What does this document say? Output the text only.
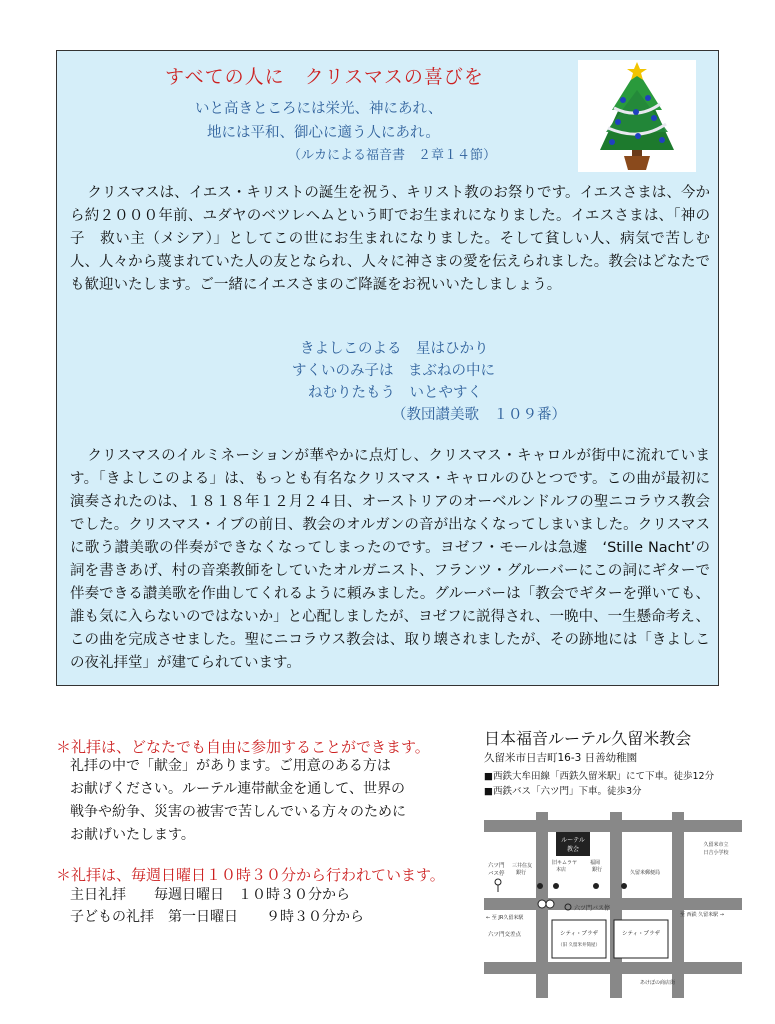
すべての人に　クリスマスの喜びを
いと高きところには栄光、神にあれ、
地には平和、御心に適う人にあれ。
（ルカによる福音書　２章１４節）

クリスマスは、イエス・キリストの誕生を祝う、キリスト教のお祭りです。イエスさまは、今から約２０００年前、ユダヤのベツレヘムという町でお生まれになりました。イエスさまは、「神の子　救い主（メシア）」としてこの世にお生まれになりました。そして貧しい人、病気で苦しむ人、人々から蔑まれていた人の友となられ、人々に神さまの愛を伝えられました。教会はどなたでも歓迎いたします。ご一緒にイエスさまのご降誕をお祝いいたしましょう。

きよしこのよる　星はひかり
すくいのみ子は　まぶねの中に
ねむりたもう　いとやすく
（教団讃美歌　１０９番）

クリスマスのイルミネーションが華やかに点灯し、クリスマス・キャロルが街中に流れています。「きよしこのよる」は、もっとも有名なクリスマス・キャロルのひとつです。この曲が最初に演奏されたのは、１８１８年１２月２４日、オーストリアのオーベルンドルフの聖ニコラウス教会でした。クリスマス・イブの前日、教会のオルガンの音が出なくなってしまいました。クリスマスに歌う讃美歌の伴奏ができなくなってしまったのです。ヨゼフ・モールは急遽　‘Stille Nacht’の詞を書きあげ、村の音楽教師をしていたオルガニスト、フランツ・グルーバーにこの詞にギターで伴奏できる讃美歌を作曲してくれるように頼みました。グルーバーは「教会でギターを弾いても、誰も気に入らないのではないか」と心配しましたが、ヨゼフに説得され、一晩中、一生懸命考え、この曲を完成させました。聖にニコラウス教会は、取り壊されましたが、その跡地には「きよしこの夜礼拝堂」が建てられています。

＊礼拝は、どなたでも自由に参加することができます。
礼拝の中で「献金」があります。ご用意のある方は
お献げください。ルーテル連帯献金を通して、世界の
戦争や紛争、災害の被害で苦しんでいる方々のために
お献げいたします。
＊礼拝は、毎週日曜日１０時３０分から行われています。
主日礼拝　　毎週日曜日　１０時３０分から
子どもの礼拝　第一日曜日　　９時３０分から
日本福音ルーテル久留米教会
久留米市日吉町16-3 日善幼稚園
■西鉄大牟田線「西鉄久留米駅」にて下車。徒歩12分
■西鉄バス「六ツ門」下車。徒歩3分
ルーテル
教会
久留米市立
日吉小学校
六ツ門
バス停
三井住友
銀行
旧キムラヤ
本店
福岡
銀行	久留米郵便局
六ツ門バス停
← 至 JR久留米駅	至 西鉄 久留米駅 →
六ツ門交差点	シティ・プラザ
（旧 久留米井筒屋）
シティ・プラザ
あけぼの商店街
